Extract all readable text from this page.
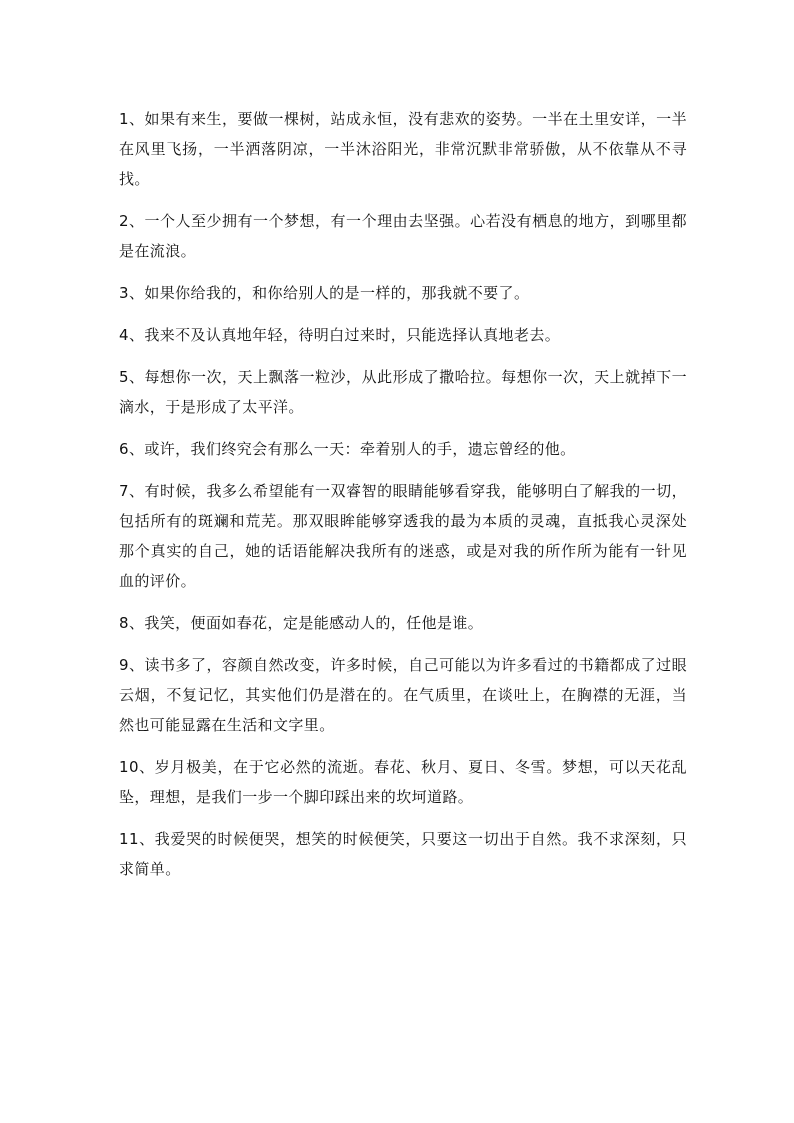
1、如果有来生，要做一棵树，站成永恒，没有悲欢的姿势。一半在土里安详，一半在风里飞扬，一半洒落阴凉，一半沐浴阳光，非常沉默非常骄傲，从不依靠从不寻找。

2、一个人至少拥有一个梦想，有一个理由去坚强。心若没有栖息的地方，到哪里都是在流浪。

3、如果你给我的，和你给别人的是一样的，那我就不要了。

4、我来不及认真地年轻，待明白过来时，只能选择认真地老去。

5、每想你一次，天上飘落一粒沙，从此形成了撒哈拉。每想你一次，天上就掉下一滴水，于是形成了太平洋。

6、或许，我们终究会有那么一天：牵着别人的手，遗忘曾经的他。

7、有时候，我多么希望能有一双睿智的眼睛能够看穿我，能够明白了解我的一切，包括所有的斑斓和荒芜。那双眼眸能够穿透我的最为本质的灵魂，直抵我心灵深处那个真实的自己，她的话语能解决我所有的迷惑，或是对我的所作所为能有一针见血的评价。

8、我笑，便面如春花，定是能感动人的，任他是谁。

9、读书多了，容颜自然改变，许多时候，自己可能以为许多看过的书籍都成了过眼云烟，不复记忆，其实他们仍是潜在的。在气质里，在谈吐上，在胸襟的无涯，当然也可能显露在生活和文字里。

10、岁月极美，在于它必然的流逝。春花、秋月、夏日、冬雪。梦想，可以天花乱坠，理想，是我们一步一个脚印踩出来的坎坷道路。

11、我爱哭的时候便哭，想笑的时候便笑，只要这一切出于自然。我不求深刻，只求简单。
